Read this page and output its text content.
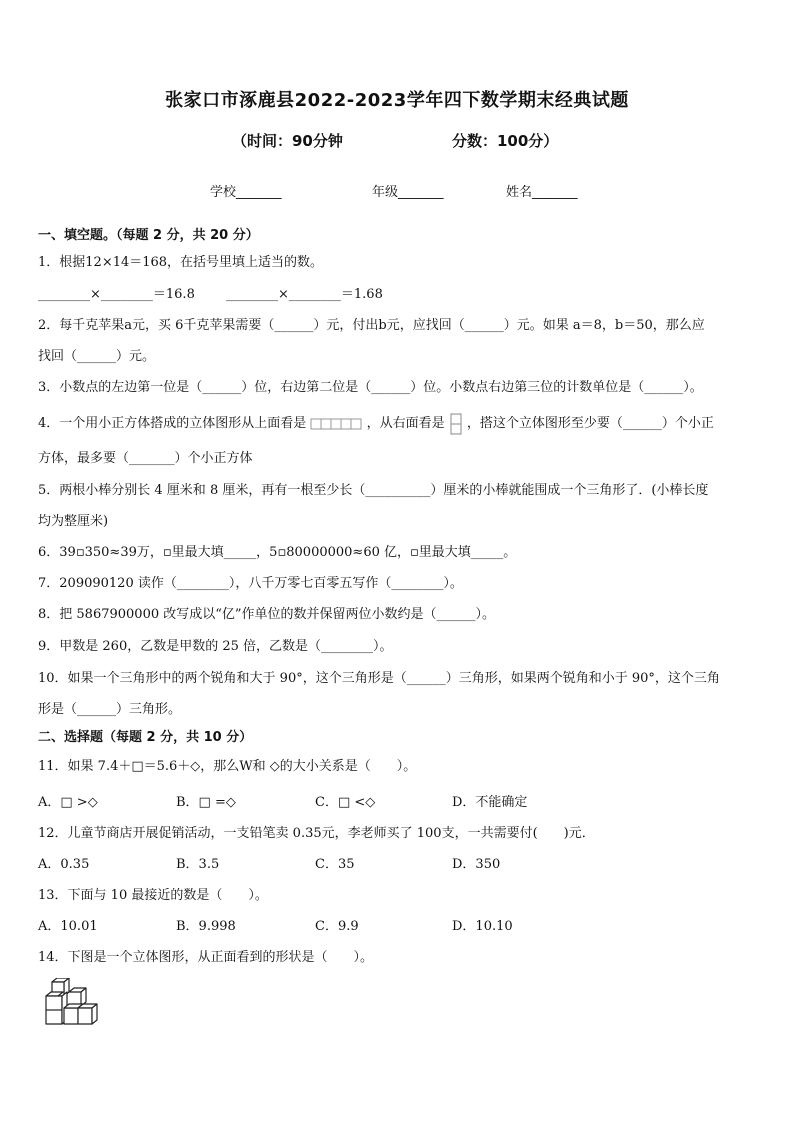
张家口市涿鹿县2022-2023学年四下数学期末经典试题
（时间：90分钟	分数：100分）
学校_______	年级_______	姓名_______
一、填空题。（每题 2 分，共 20 分）
1．根据12×14＝168，在括号里填上适当的数。
________×________＝16.8 ________×________＝1.68
2．每千克苹果a元，买 6千克苹果需要（______）元，付出b元，应找回（______）元。如果 a＝8，b＝50，那么应
找回（______）元。
3．小数点的左边第一位是（______）位，右边第二位是（______）位。小数点右边第三位的计数单位是（______）。
4．一个用小正方体搭成的立体图形从上面看是	，从右面看是 ，搭这个立体图形至少要（______）个小正
方体，最多要（_______）个小正方体
5．两根小棒分别长 4 厘米和 8 厘米，再有一根至少长（__________）厘米的小棒就能围成一个三角形了．(小棒长度
均为整厘米)
6．39▫350≈39万，▫里最大填_____，5▫80000000≈60 亿，▫里最大填_____。
7．209090120 读作（________），八千万零七百零五写作（________）。
8．把 5867900000 改写成以“亿”作单位的数并保留两位小数约是（______）。
9．甲数是 260，乙数是甲数的 25 倍，乙数是（________）。
10．如果一个三角形中的两个锐角和大于 90°，这个三角形是（______）三角形，如果两个锐角和小于 90°，这个三角
形是（______）三角形。
二、选择题（每题 2 分，共 10 分）
11．如果 7.4＋□＝5.6＋◇，那么W和 ◇的大小关系是（　　）。
A．□ >◇	B．□ =◇	C．□ <◇	D．不能确定
12．儿童节商店开展促销活动，一支铅笔卖 0.35元，李老师买了 100支，一共需要付(　　)元．
A．0.35	B．3.5	C．35	D．350
13．下面与 10 最接近的数是（　　）。
A．10.01	B．9.998	C．9.9	D．10.10
14．下图是一个立体图形，从正面看到的形状是（　　）。
